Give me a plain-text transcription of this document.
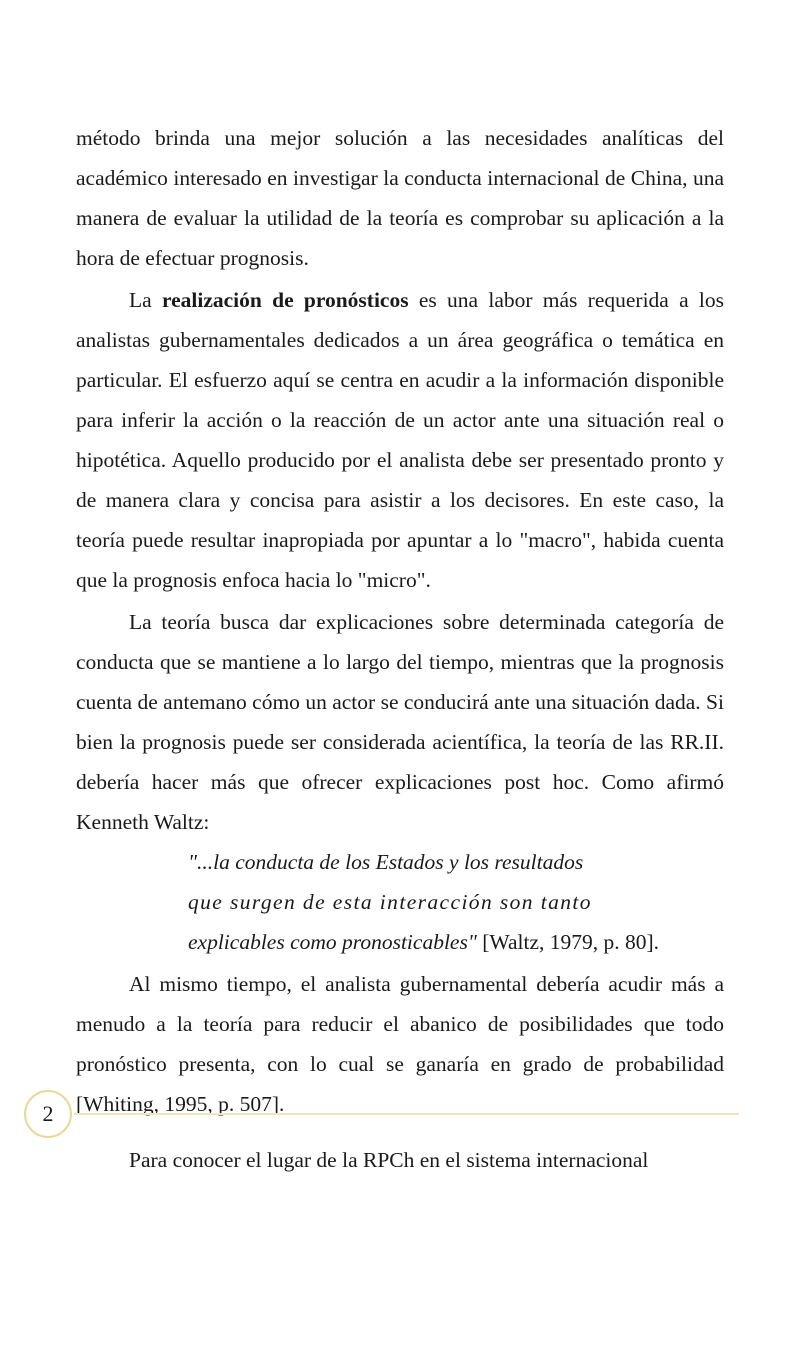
método brinda una mejor solución a las necesidades analíticas del académico interesado en investigar la conducta internacional de China, una manera de evaluar la utilidad de la teoría es comprobar su aplicación a la hora de efectuar prognosis.

La realización de pronósticos es una labor más requerida a los analistas gubernamentales dedicados a un área geográfica o temática en particular. El esfuerzo aquí se centra en acudir a la información disponible para inferir la acción o la reacción de un actor ante una situación real o hipotética. Aquello producido por el analista debe ser presentado pronto y de manera clara y concisa para asistir a los decisores. En este caso, la teoría puede resultar inapropiada por apuntar a lo "macro", habida cuenta que la prognosis enfoca hacia lo "micro".

La teoría busca dar explicaciones sobre determinada categoría de conducta que se mantiene a lo largo del tiempo, mientras que la prognosis cuenta de antemano cómo un actor se conducirá ante una situación dada. Si bien la prognosis puede ser considerada acientífica, la teoría de las RR.II. debería hacer más que ofrecer explicaciones post hoc. Como afirmó Kenneth Waltz:

"...la conducta de los Estados y los resultados
que surgen de esta interacción son tanto
explicables como pronosticables" [Waltz, 1979, p. 80].

Al mismo tiempo, el analista gubernamental debería acudir más a menudo a la teoría para reducir el abanico de posibilidades que todo pronóstico presenta, con lo cual se ganaría en grado de probabilidad [Whiting, 1995, p. 507].

Para conocer el lugar de la RPCh en el sistema internacional

2
